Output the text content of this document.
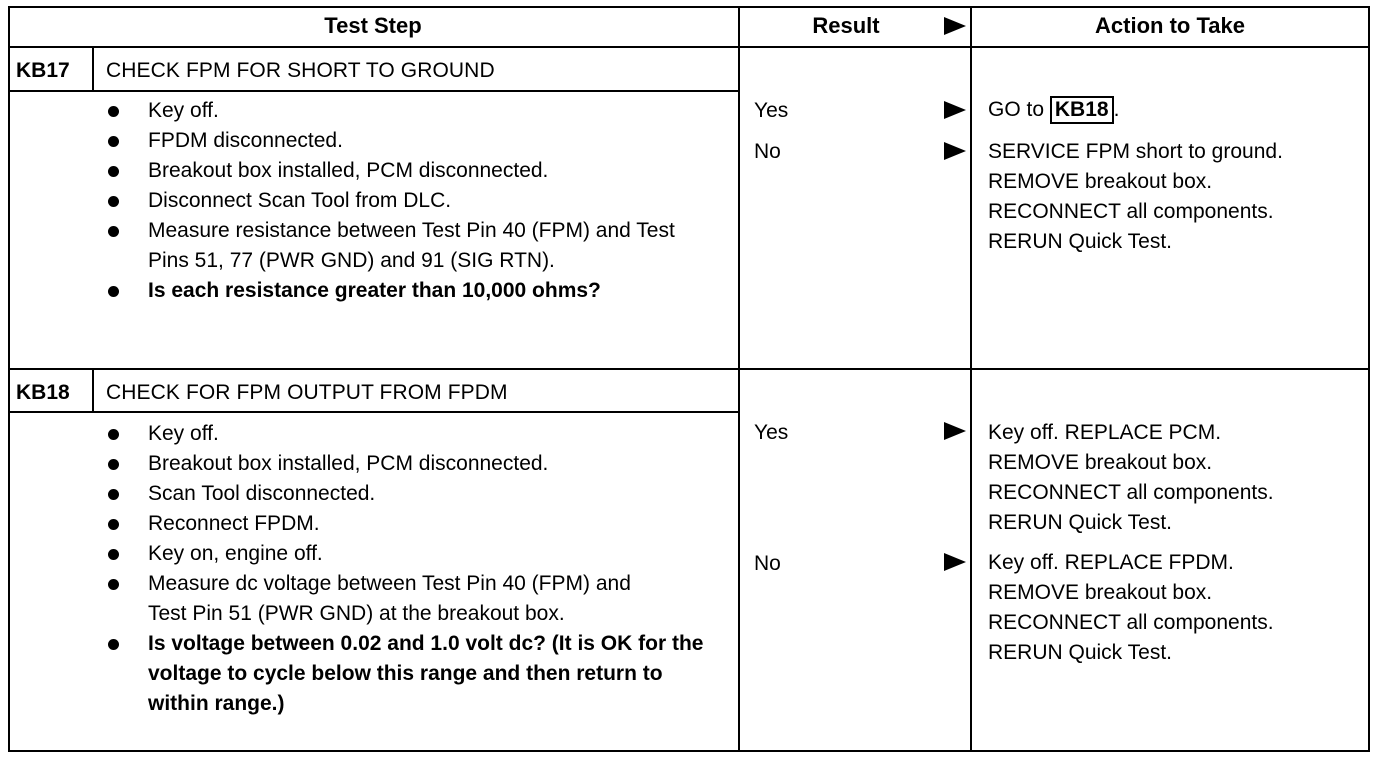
Test Step	Result	Action to Take
KB17 CHECK FPM FOR SHORT TO GROUND
Key off.
FPDM disconnected.
Breakout box installed, PCM disconnected.
Disconnect Scan Tool from DLC.
Measure resistance between Test Pin 40 (FPM) and Test Pins 51, 77 (PWR GND) and 91 (SIG RTN).
Is each resistance greater than 10,000 ohms?
Yes	GO to KB18 .
No	SERVICE FPM short to ground.
REMOVE breakout box.
RECONNECT all components.
RERUN Quick Test.
KB18 CHECK FOR FPM OUTPUT FROM FPDM
Key off.
Breakout box installed, PCM disconnected.
Scan Tool disconnected.
Reconnect FPDM.
Key on, engine off.
Measure dc voltage between Test Pin 40 (FPM) and Test Pin 51 (PWR GND) at the breakout box.
Is voltage between 0.02 and 1.0 volt dc? (It is OK for the voltage to cycle below this range and then return to within range.)
Yes	Key off. REPLACE PCM.
REMOVE breakout box.
RECONNECT all components.
RERUN Quick Test.
No	Key off. REPLACE FPDM.
REMOVE breakout box.
RECONNECT all components.
RERUN Quick Test.
